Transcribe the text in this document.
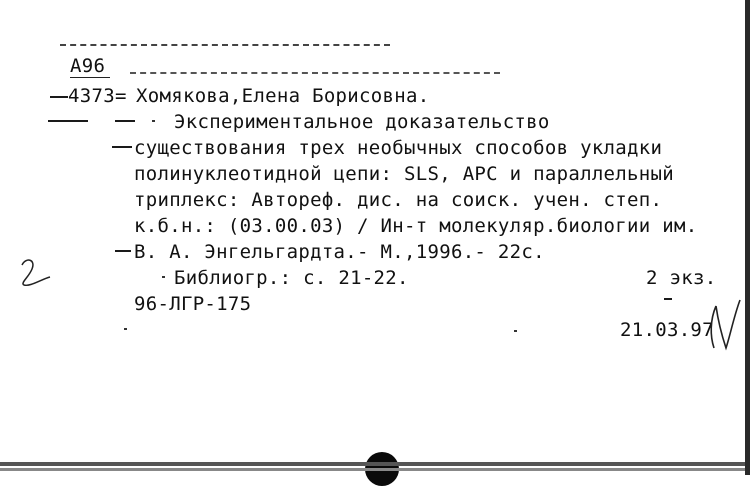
А96
4373= Хомякова,Елена Борисовна.
Экспериментальное доказательство
существования трех необычных способов укладки
полинуклеотидной цепи: SLS, APC и параллельный
триплекс: Автореф. дис. на соиск. учен. степ.
к.б.н.: (03.00.03) / Ин-т молекуляр.биологии им.
В. А. Энгельгардта.- М.,1996.- 22с.
Библиогр.: с. 21-22.	2 экз.
96-ЛГР-175
21.03.97
